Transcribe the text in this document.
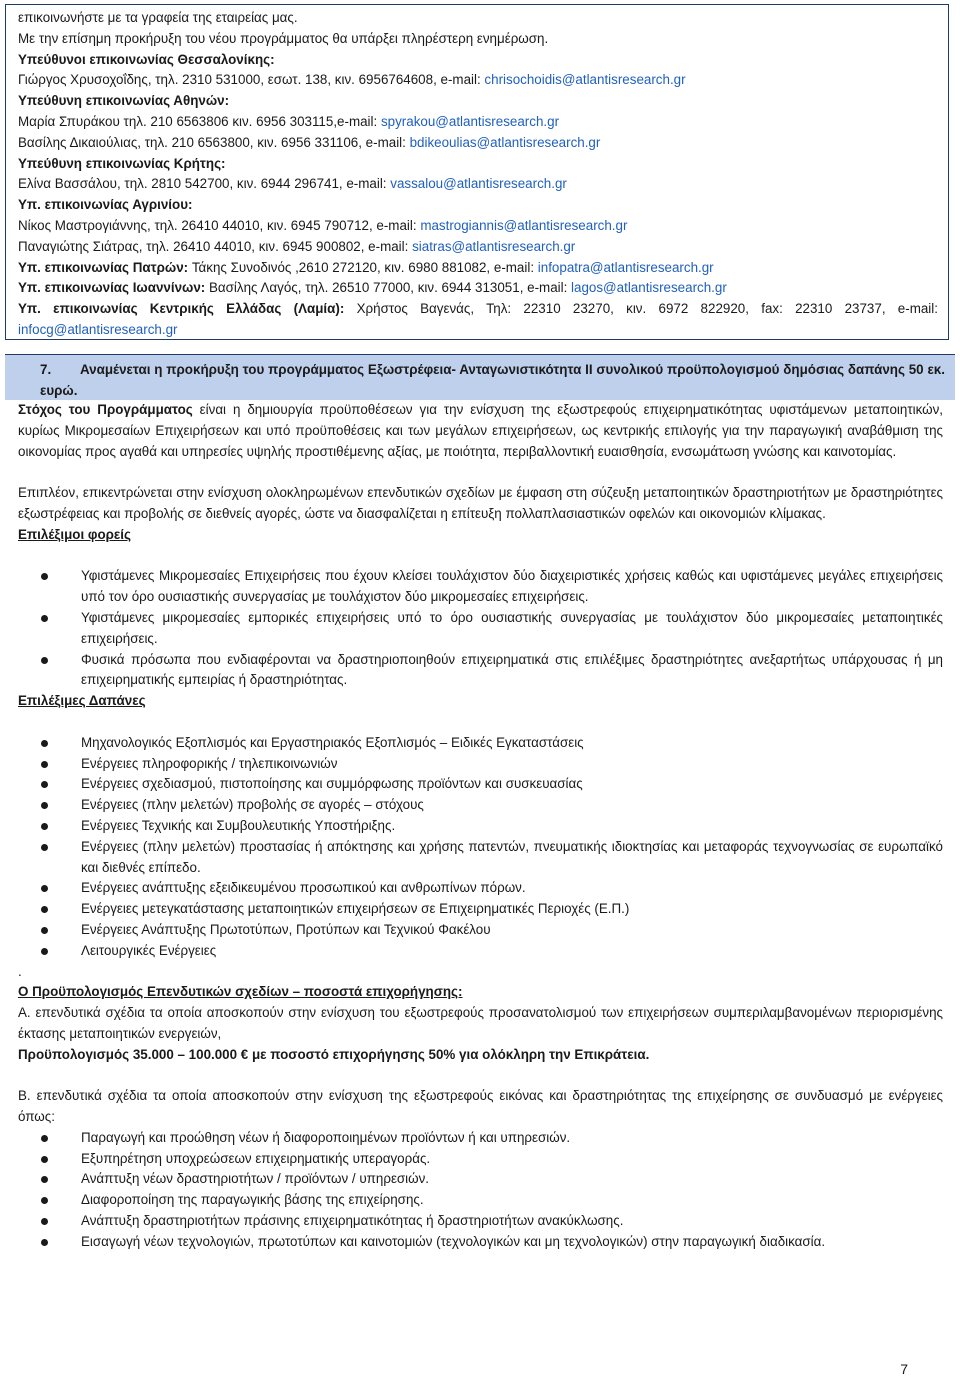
επικοινωνήστε με τα γραφεία της εταιρείας μας.
Με την επίσημη προκήρυξη του νέου προγράμματος θα υπάρξει πληρέστερη ενημέρωση.
Υπεύθυνοι επικοινωνίας Θεσσαλονίκης:
Γιώργος Χρυσοχοΐδης, τηλ. 2310 531000, εσωτ. 138, κιν. 6956764608, e-mail: chrisochoidis@atlantisresearch.gr
Υπεύθυνη επικοινωνίας Αθηνών:
Μαρία Σπυράκου τηλ. 210 6563806 κιν. 6956 303115,e-mail: spyrakou@atlantisresearch.gr
Βασίλης Δικαιούλιας, τηλ. 210 6563800, κιν. 6956 331106, e-mail: bdikeoulias@atlantisresearch.gr
Υπεύθυνη επικοινωνίας Κρήτης:
Ελίνα Βασσάλου, τηλ. 2810 542700, κιν. 6944 296741, e-mail: vassalou@atlantisresearch.gr
Υπ. επικοινωνίας Αγρινίου:
Νίκος Μαστρογιάννης, τηλ. 26410 44010, κιν. 6945 790712, e-mail: mastrogiannis@atlantisresearch.gr
Παναγιώτης Σιάτρας, τηλ. 26410 44010, κιν. 6945 900802, e-mail: siatras@atlantisresearch.gr
Υπ. επικοινωνίας Πατρών: Τάκης Συνοδινός ,2610 272120, κιν. 6980 881082, e-mail: infopatra@atlantisresearch.gr
Υπ. επικοινωνίας Ιωαννίνων: Βασίλης Λαγός, τηλ. 26510 77000, κιν. 6944 313051, e-mail: lagos@atlantisresearch.gr
Υπ. επικοινωνίας Κεντρικής Ελλάδας (Λαμία): Χρήστος Βαγενάς, Τηλ: 22310 23270, κιν. 6972 822920, fax: 22310 23737, e-mail: infocg@atlantisresearch.gr
7. Αναμένεται η προκήρυξη του προγράμματος Εξωστρέφεια- Ανταγωνιστικότητα ΙΙ συνολικού προϋπολογισμού δημόσιας δαπάνης 50 εκ. ευρώ.

Στόχος του Προγράμματος είναι η δημιουργία προϋποθέσεων για την ενίσχυση της εξωστρεφούς επιχειρηματικότητας υφιστάμενων μεταποιητικών, κυρίως Μικρομεσαίων Επιχειρήσεων και υπό προϋποθέσεις και των μεγάλων επιχειρήσεων, ως κεντρικής επιλογής για την παραγωγική αναβάθμιση της οικονομίας προς αγαθά και υπηρεσίες υψηλής προστιθέμενης αξίας, με ποιότητα, περιβαλλοντική ευαισθησία, ενσωμάτωση γνώσης και καινοτομίας.

Επιπλέον, επικεντρώνεται στην ενίσχυση ολοκληρωμένων επενδυτικών σχεδίων με έμφαση στη σύζευξη μεταποιητικών δραστηριοτήτων με δραστηριότητες εξωστρέφειας και προβολής σε διεθνείς αγορές, ώστε να διασφαλίζεται η επίτευξη πολλαπλασιαστικών οφελών και οικονομιών κλίμακας.

Επιλέξιμοι φορείς

Υφιστάμενες Μικρομεσαίες Επιχειρήσεις που έχουν κλείσει τουλάχιστον δύο διαχειριστικές χρήσεις καθώς και υφιστάμενες μεγάλες επιχειρήσεις υπό τον όρο ουσιαστικής συνεργασίας με τουλάχιστον δύο μικρομεσαίες επιχειρήσεις.
Υφιστάμενες μικρομεσαίες εμπορικές επιχειρήσεις υπό το όρο ουσιαστικής συνεργασίας με τουλάχιστον δύο μικρομεσαίες μεταποιητικές επιχειρήσεις.
Φυσικά πρόσωπα που ενδιαφέρονται να δραστηριοποιηθούν επιχειρηματικά στις επιλέξιμες δραστηριότητες ανεξαρτήτως υπάρχουσας ή μη επιχειρηματικής εμπειρίας ή δραστηριότητας.

Επιλέξιμες Δαπάνες

Μηχανολογικός Εξοπλισμός και Εργαστηριακός Εξοπλισμός – Ειδικές Εγκαταστάσεις
Ενέργειες πληροφορικής / τηλεπικοινωνιών
Ενέργειες σχεδιασμού, πιστοποίησης και συμμόρφωσης προϊόντων και συσκευασίας
Ενέργειες (πλην μελετών) προβολής σε αγορές – στόχους
Ενέργειες Τεχνικής και Συμβουλευτικής Υποστήριξης.
Ενέργειες (πλην μελετών) προστασίας ή απόκτησης και χρήσης πατεντών, πνευματικής ιδιοκτησίας και μεταφοράς τεχνογνωσίας σε ευρωπαϊκό και διεθνές επίπεδο.
Ενέργειες ανάπτυξης εξειδικευμένου προσωπικού και ανθρωπίνων πόρων.
Ενέργειες μετεγκατάστασης μεταποιητικών επιχειρήσεων σε Επιχειρηματικές Περιοχές (Ε.Π.)
Ενέργειες Ανάπτυξης Πρωτοτύπων, Προτύπων και Τεχνικού Φακέλου
Λειτουργικές Ενέργειες

.

Ο Προϋπολογισμός Επενδυτικών σχεδίων – ποσοστά επιχορήγησης:

Α. επενδυτικά σχέδια τα οποία αποσκοπούν στην ενίσχυση του εξωστρεφούς προσανατολισμού των επιχειρήσεων συμπεριλαμβανομένων περιορισμένης έκτασης μεταποιητικών ενεργειών,

Προϋπολογισμός 35.000 – 100.000 € με ποσοστό επιχορήγησης 50% για ολόκληρη την Επικράτεια.

Β. επενδυτικά σχέδια τα οποία αποσκοπούν στην ενίσχυση της εξωστρεφούς εικόνας και δραστηριότητας της επιχείρησης σε συνδυασμό με ενέργειες όπως:

Παραγωγή και προώθηση νέων ή διαφοροποιημένων προϊόντων ή και υπηρεσιών.
Εξυπηρέτηση υποχρεώσεων επιχειρηματικής υπεραγοράς.
Ανάπτυξη νέων δραστηριοτήτων / προϊόντων / υπηρεσιών.
Διαφοροποίηση της παραγωγικής βάσης της επιχείρησης.
Ανάπτυξη δραστηριοτήτων πράσινης επιχειρηματικότητας ή δραστηριοτήτων ανακύκλωσης.
Εισαγωγή νέων τεχνολογιών, πρωτοτύπων και καινοτομιών (τεχνολογικών και μη τεχνολογικών) στην παραγωγική διαδικασία.
7
